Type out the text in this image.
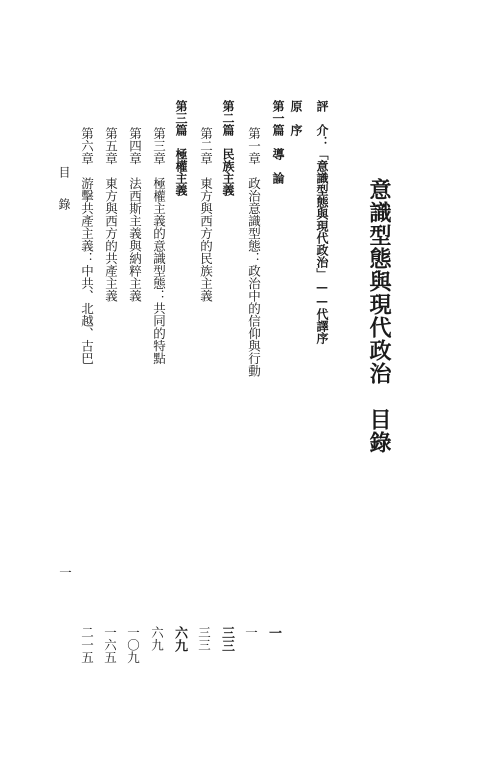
意識型態與現代政治　目錄
評　介：「意識型態與現代政治」——代譯序
原　序
第一篇　導　論
第一章　政治意識型態：政治中的信仰與行動
第二篇　民族主義
第二章　東方與西方的民族主義
第三篇　極權主義
第三章　極權主義的意識型態：共同的特點
第四章　法西斯主義與納粹主義
第五章　東方與西方的共產主義
第六章　游擊共產主義：中共、北越、古巴
一
一
三三
三三
六九
六九
一〇九
一六五
二一五
目　錄
一
